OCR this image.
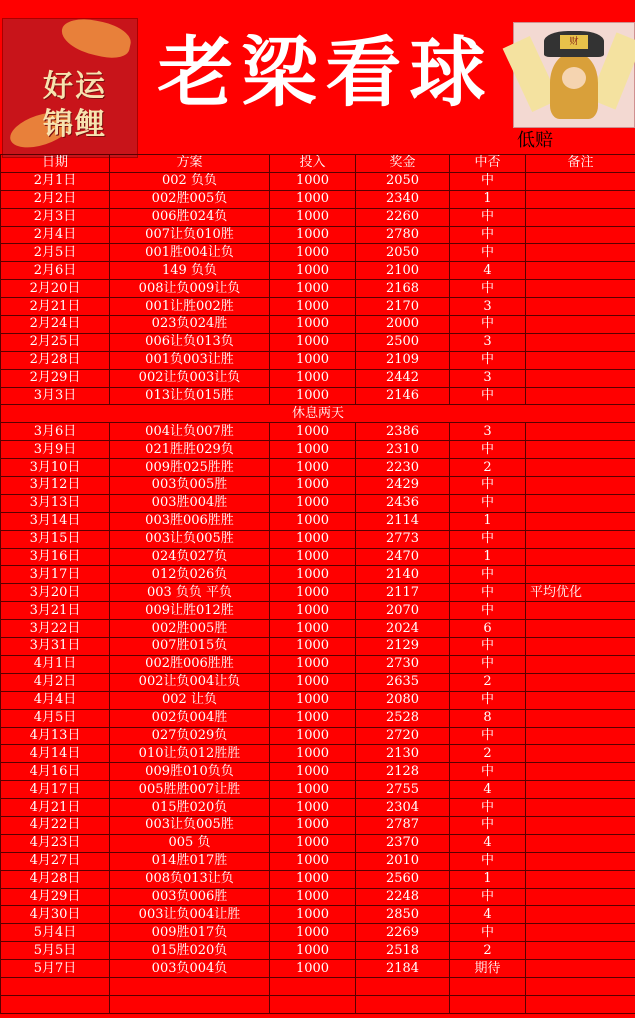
好运
锦鲤
老梁看球	财
低赔
日期	方案	投入	奖金	中否	备注
2月1日	002 负负	1000	2050	中	
2月2日	002胜005负	1000	2340	1	
2月3日	006胜024负	1000	2260	中	
2月4日	007让负010胜	1000	2780	中	
2月5日	001胜004让负	1000	2050	中	
2月6日	149 负负	1000	2100	4	
2月20日	008让负009让负	1000	2168	中	
2月21日	001让胜002胜	1000	2170	3	
2月24日	023负024胜	1000	2000	中	
2月25日	006让负013负	1000	2500	3	
2月28日	001负003让胜	1000	2109	中	
2月29日	002让负003让负	1000	2442	3	
3月3日	013让负015胜	1000	2146	中	
休息两天					
3月6日	004让负007胜	1000	2386	3	
3月9日	021胜胜029负	1000	2310	中	
3月10日	009胜025胜胜	1000	2230	2	
3月12日	003负005胜	1000	2429	中	
3月13日	003胜004胜	1000	2436	中	
3月14日	003胜006胜胜	1000	2114	1	
3月15日	003让负005胜	1000	2773	中	
3月16日	024负027负	1000	2470	1	
3月17日	012负026负	1000	2140	中	
3月20日	003 负负 平负	1000	2117	中	平均优化
3月21日	009让胜012胜	1000	2070	中	
3月22日	002胜005胜	1000	2024	6	
3月31日	007胜015负	1000	2129	中	
4月1日	002胜006胜胜	1000	2730	中	
4月2日	002让负004让负	1000	2635	2	
4月4日	002 让负	1000	2080	中	
4月5日	002负004胜	1000	2528	8	
4月13日	027负029负	1000	2720	中	
4月14日	010让负012胜胜	1000	2130	2	
4月16日	009胜010负负	1000	2128	中	
4月17日	005胜胜007让胜	1000	2755	4	
4月21日	015胜020负	1000	2304	中	
4月22日	003让负005胜	1000	2787	中	
4月23日	005 负	1000	2370	4	
4月27日	014胜017胜	1000	2010	中	
4月28日	008负013让负	1000	2560	1	
4月29日	003负006胜	1000	2248	中	
4月30日	003让负004让胜	1000	2850	4	
5月4日	009胜017负	1000	2269	中	
5月5日	015胜020负	1000	2518	2	
5月7日	003负004负	1000	2184	期待	
